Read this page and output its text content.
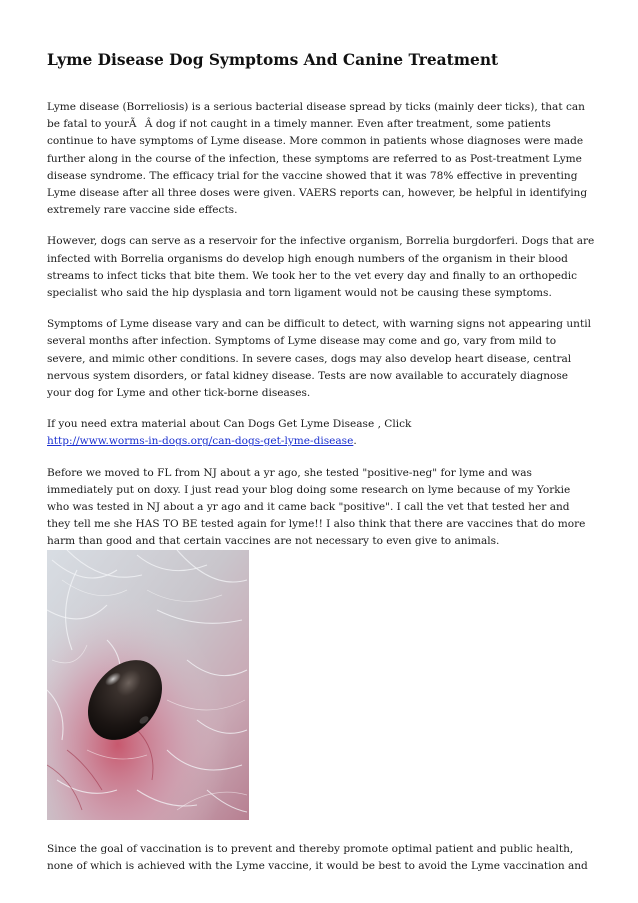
Lyme Disease Dog Symptoms And Canine Treatment

Lyme disease (Borreliosis) is a serious bacterial disease spread by ticks (mainly deer ticks), that can be fatal to yourÃÂ dog if not caught in a timely manner. Even after treatment, some patients continue to have symptoms of Lyme disease. More common in patients whose diagnoses were made further along in the course of the infection, these symptoms are referred to as Post-treatment Lyme disease syndrome. The efficacy trial for the vaccine showed that it was 78% effective in preventing Lyme disease after all three doses were given. VAERS reports can, however, be helpful in identifying extremely rare vaccine side effects.

However, dogs can serve as a reservoir for the infective organism, Borrelia burgdorferi. Dogs that are infected with Borrelia organisms do develop high enough numbers of the organism in their blood streams to infect ticks that bite them. We took her to the vet every day and finally to an orthopedic specialist who said the hip dysplasia and torn ligament would not be causing these symptoms.

Symptoms of Lyme disease vary and can be difficult to detect, with warning signs not appearing until several months after infection. Symptoms of Lyme disease may come and go, vary from mild to severe, and mimic other conditions. In severe cases, dogs may also develop heart disease, central nervous system disorders, or fatal kidney disease. Tests are now available to accurately diagnose your dog for Lyme and other tick-borne diseases.

If you need extra material about Can Dogs Get Lyme Disease , Click
http://www.worms-in-dogs.org/can-dogs-get-lyme-disease.

Before we moved to FL from NJ about a yr ago, she tested "positive-neg" for lyme and was immediately put on doxy. I just read your blog doing some research on lyme because of my Yorkie who was tested in NJ about a yr ago and it came back "positive". I call the vet that tested her and they tell me she HAS TO BE tested again for lyme!! I also think that there are vaccines that do more harm than good and that certain vaccines are not necessary to even give to animals.

Since the goal of vaccination is to prevent and thereby promote optimal patient and public health, none of which is achieved with the Lyme vaccine, it would be best to avoid the Lyme vaccination and
